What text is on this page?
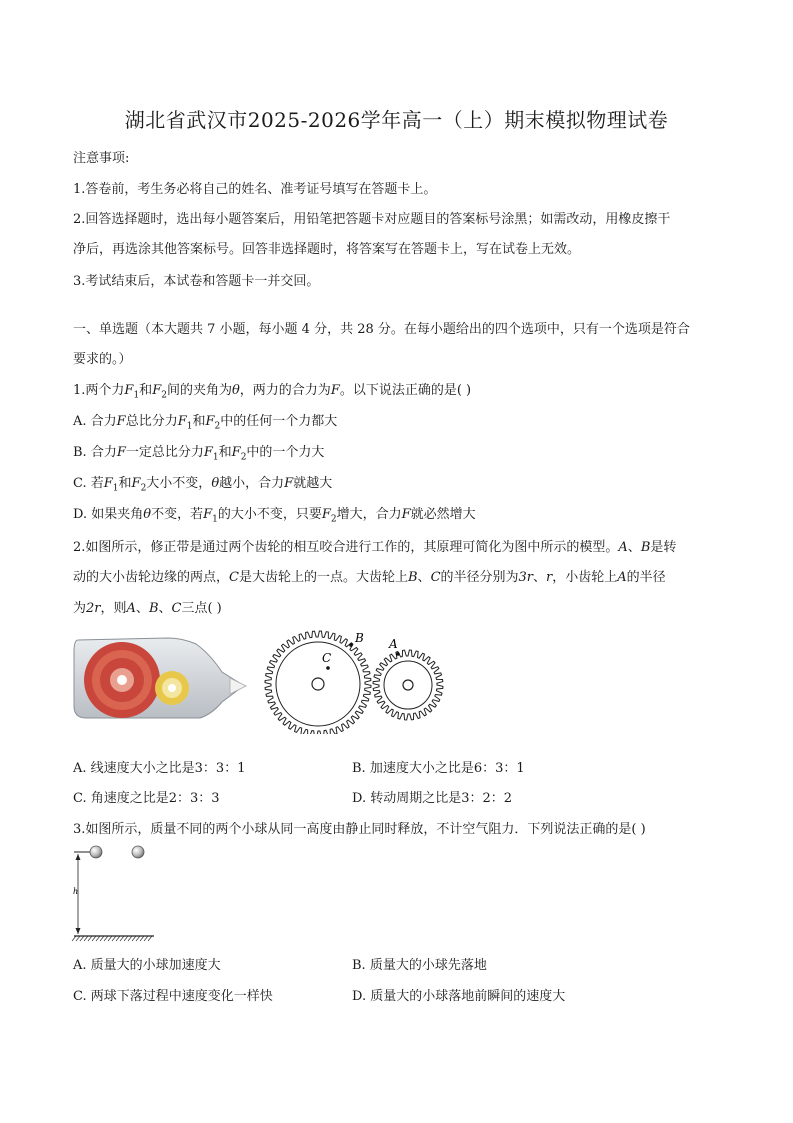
湖北省武汉市2025-2026学年高一（上）期末模拟物理试卷
注意事项:
1.答卷前，考生务必将自己的姓名、准考证号填写在答题卡上。
2.回答选择题时，选出每小题答案后，用铅笔把答题卡对应题目的答案标号涂黑；如需改动，用橡皮擦干
净后，再选涂其他答案标号。回答非选择题时，将答案写在答题卡上，写在试卷上无效。
3.考试结束后，本试卷和答题卡一并交回。
一、单选题（本大题共 7 小题，每小题 4 分，共 28 分。在每小题给出的四个选项中，只有一个选项是符合
要求的。）
1.两个力$F_1$和$F_2$间的夹角为θ，两力的合力为F。以下说法正确的是( )
A. 合力F总比分力$F_1$和$F_2$中的任何一个力都大
B. 合力F一定总比分力$F_1$和$F_2$中的一个力大
C. 若$F_1$和$F_2$大小不变，θ越小，合力F就越大
D. 如果夹角θ不变，若$F_1$的大小不变，只要$F_2$增大，合力F就必然增大
2.如图所示，修正带是通过两个齿轮的相互咬合进行工作的，其原理可简化为图中所示的模型。A、B是转
动的大小齿轮边缘的两点，C是大齿轮上的一点。大齿轮上B、C的半径分别为3r、r，小齿轮上A的半径
为2r，则A、B、C三点( )
C
B A
A. 线速度大小之比是3：3：1	B. 加速度大小之比是6：3：1
C. 角速度之比是2：3：3	D. 转动周期之比是3：2：2
3.如图所示，质量不同的两个小球从同一高度由静止同时释放，不计空气阻力．下列说法正确的是( )
h
A. 质量大的小球加速度大	B. 质量大的小球先落地
C. 两球下落过程中速度变化一样快	D. 质量大的小球落地前瞬间的速度大
